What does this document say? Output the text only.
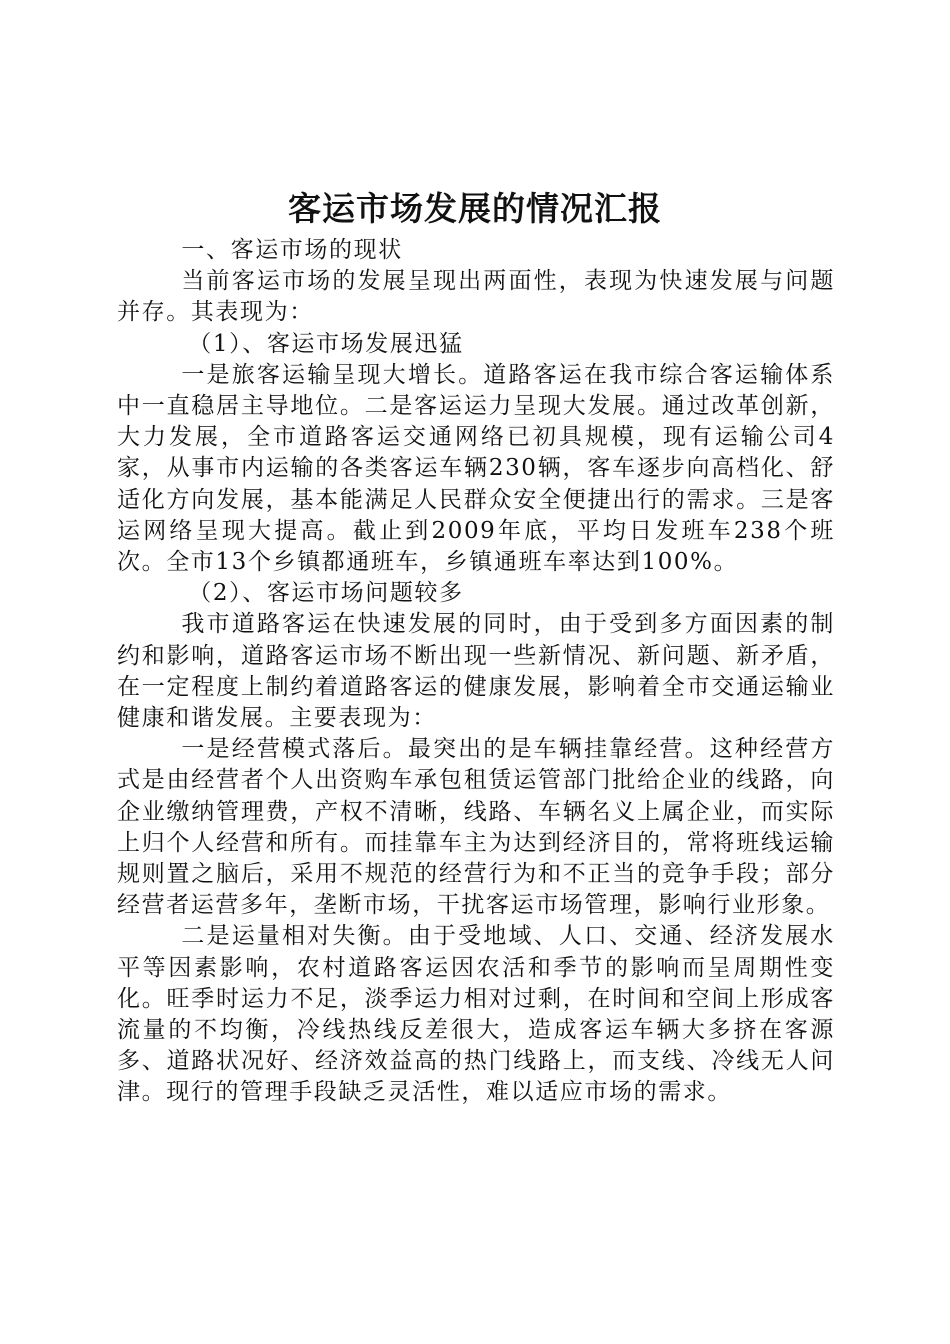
客运市场发展的情况汇报

一、客运市场的现状

当前客运市场的发展呈现出两面性，表现为快速发展与问题并存。其表现为：

（1）、客运市场发展迅猛

一是旅客运输呈现大增长。道路客运在我市综合客运输体系中一直稳居主导地位。二是客运运力呈现大发展。通过改革创新，大力发展，全市道路客运交通网络已初具规模，现有运输公司4家，从事市内运输的各类客运车辆230辆，客车逐步向高档化、舒适化方向发展，基本能满足人民群众安全便捷出行的需求。三是客运网络呈现大提高。截止到2009年底，平均日发班车238个班次。全市13个乡镇都通班车，乡镇通班车率达到100%。

（2）、客运市场问题较多

我市道路客运在快速发展的同时，由于受到多方面因素的制约和影响，道路客运市场不断出现一些新情况、新问题、新矛盾，在一定程度上制约着道路客运的健康发展，影响着全市交通运输业健康和谐发展。主要表现为：

一是经营模式落后。最突出的是车辆挂靠经营。这种经营方式是由经营者个人出资购车承包租赁运管部门批给企业的线路，向企业缴纳管理费，产权不清晰，线路、车辆名义上属企业，而实际上归个人经营和所有。而挂靠车主为达到经济目的，常将班线运输规则置之脑后，采用不规范的经营行为和不正当的竞争手段；部分经营者运营多年，垄断市场，干扰客运市场管理，影响行业形象。

二是运量相对失衡。由于受地域、人口、交通、经济发展水平等因素影响，农村道路客运因农活和季节的影响而呈周期性变化。旺季时运力不足，淡季运力相对过剩，在时间和空间上形成客流量的不均衡，冷线热线反差很大，造成客运车辆大多挤在客源多、道路状况好、经济效益高的热门线路上，而支线、冷线无人问津。现行的管理手段缺乏灵活性，难以适应市场的需求。
